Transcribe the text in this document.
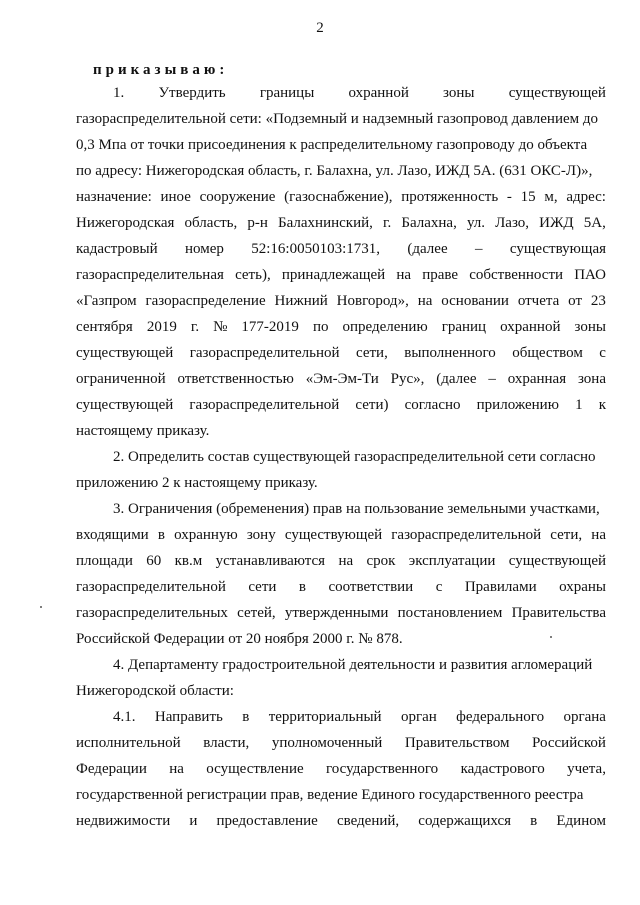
2
приказываю:
1. Утвердить границы охранной зоны существующей
газораспределительной сети: «Подземный и надземный газопровод давлением до
0,3 Мпа от точки присоединения к распределительному газопроводу до объекта
по адресу: Нижегородская область, г. Балахна, ул. Лазо, ИЖД 5А. (631 ОКС-Л)»,
назначение: иное сооружение (газоснабжение), протяженность - 15 м, адрес:
Нижегородская область, р-н Балахнинский, г. Балахна, ул. Лазо, ИЖД 5А,
кадастровый номер 52:16:0050103:1731, (далее – существующая
газораспределительная сеть), принадлежащей на праве собственности ПАО
«Газпром газораспределение Нижний Новгород», на основании отчета от 23
сентября 2019 г. № 177-2019 по определению границ охранной зоны
существующей газораспределительной сети, выполненного обществом с
ограниченной ответственностью «Эм-Эм-Ти Рус», (далее – охранная зона
существующей газораспределительной сети) согласно приложению 1 к
настоящему приказу.
2. Определить состав существующей газораспределительной сети согласно
приложению 2 к настоящему приказу.
3. Ограничения (обременения) прав на пользование земельными участками,
входящими в охранную зону существующей газораспределительной сети, на
площади 60 кв.м устанавливаются на срок эксплуатации существующей
газораспределительной сети в соответствии с Правилами охраны
газораспределительных сетей, утвержденными постановлением Правительства
Российской Федерации от 20 ноября 2000 г. № 878.
4. Департаменту градостроительной деятельности и развития агломераций
Нижегородской области:
4.1. Направить в территориальный орган федерального органа
исполнительной власти, уполномоченный Правительством Российской
Федерации на осуществление государственного кадастрового учета,
государственной регистрации прав, ведение Единого государственного реестра
недвижимости и предоставление сведений, содержащихся в Едином
